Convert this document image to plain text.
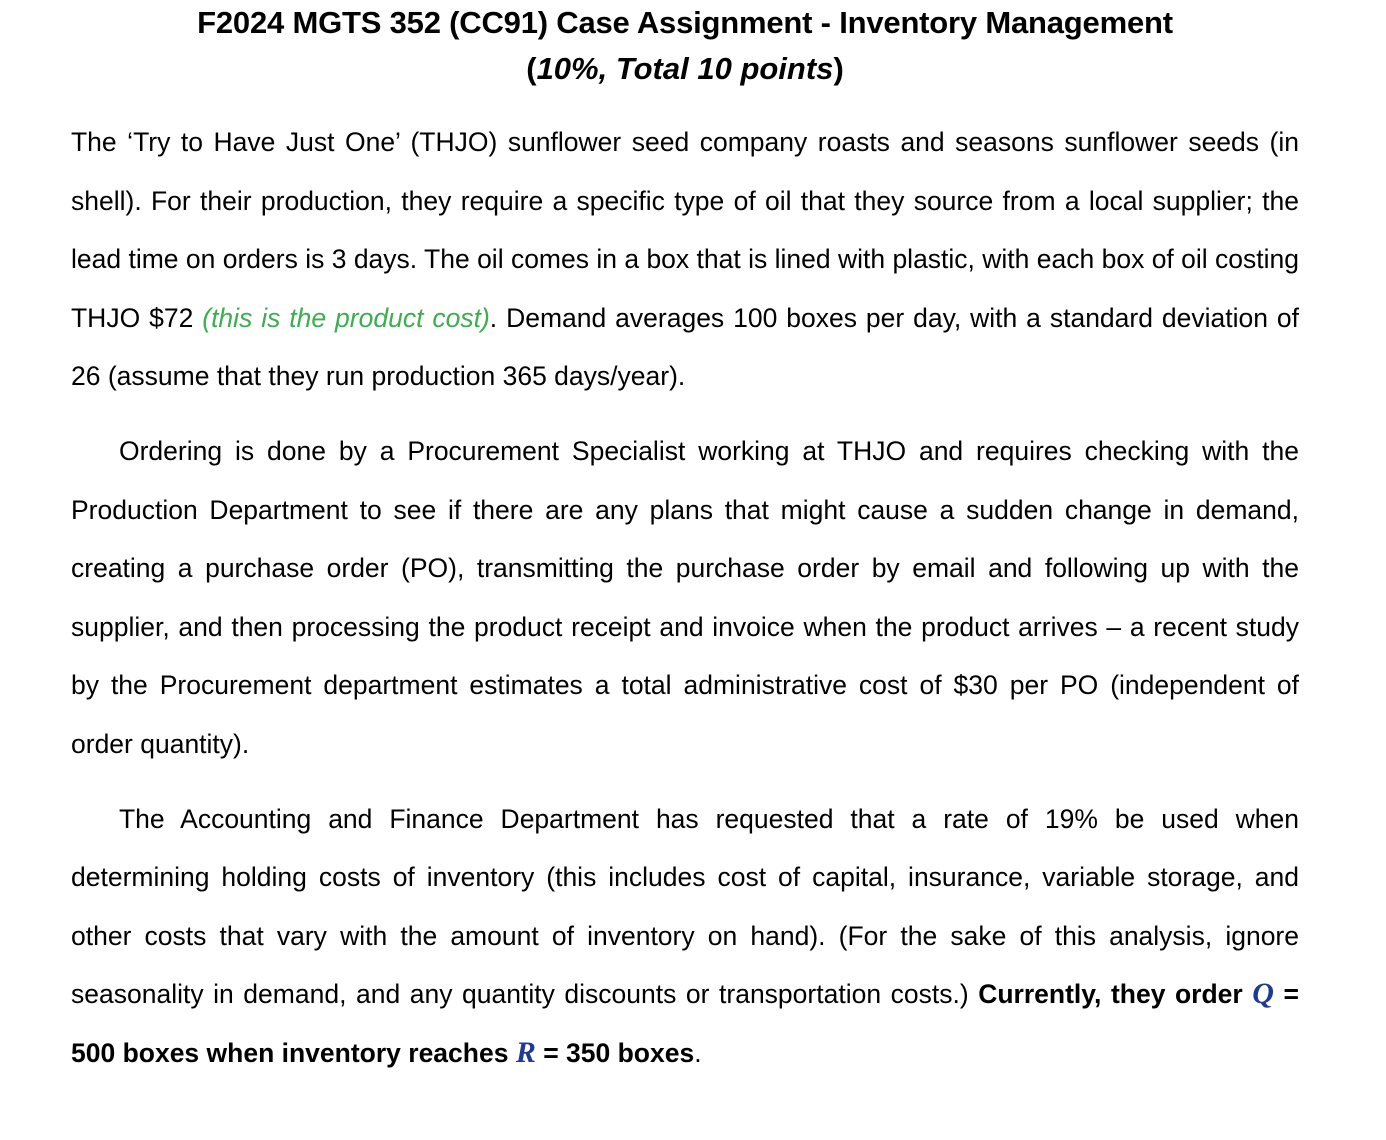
F2024 MGTS 352 (CC91) Case Assignment - Inventory Management
(10%, Total 10 points)

The ‘Try to Have Just One’ (THJO) sunflower seed company roasts and seasons sunflower seeds (in shell). For their production, they require a specific type of oil that they source from a local supplier; the lead time on orders is 3 days. The oil comes in a box that is lined with plastic, with each box of oil costing THJO $72 (this is the product cost). Demand averages 100 boxes per day, with a standard deviation of 26 (assume that they run production 365 days/year).

Ordering is done by a Procurement Specialist working at THJO and requires checking with the Production Department to see if there are any plans that might cause a sudden change in demand, creating a purchase order (PO), transmitting the purchase order by email and following up with the supplier, and then processing the product receipt and invoice when the product arrives – a recent study by the Procurement department estimates a total administrative cost of $30 per PO (independent of order quantity).

The Accounting and Finance Department has requested that a rate of 19% be used when determining holding costs of inventory (this includes cost of capital, insurance, variable storage, and other costs that vary with the amount of inventory on hand). (For the sake of this analysis, ignore seasonality in demand, and any quantity discounts or transportation costs.) Currently, they order Q = 500 boxes when inventory reaches R = 350 boxes.
